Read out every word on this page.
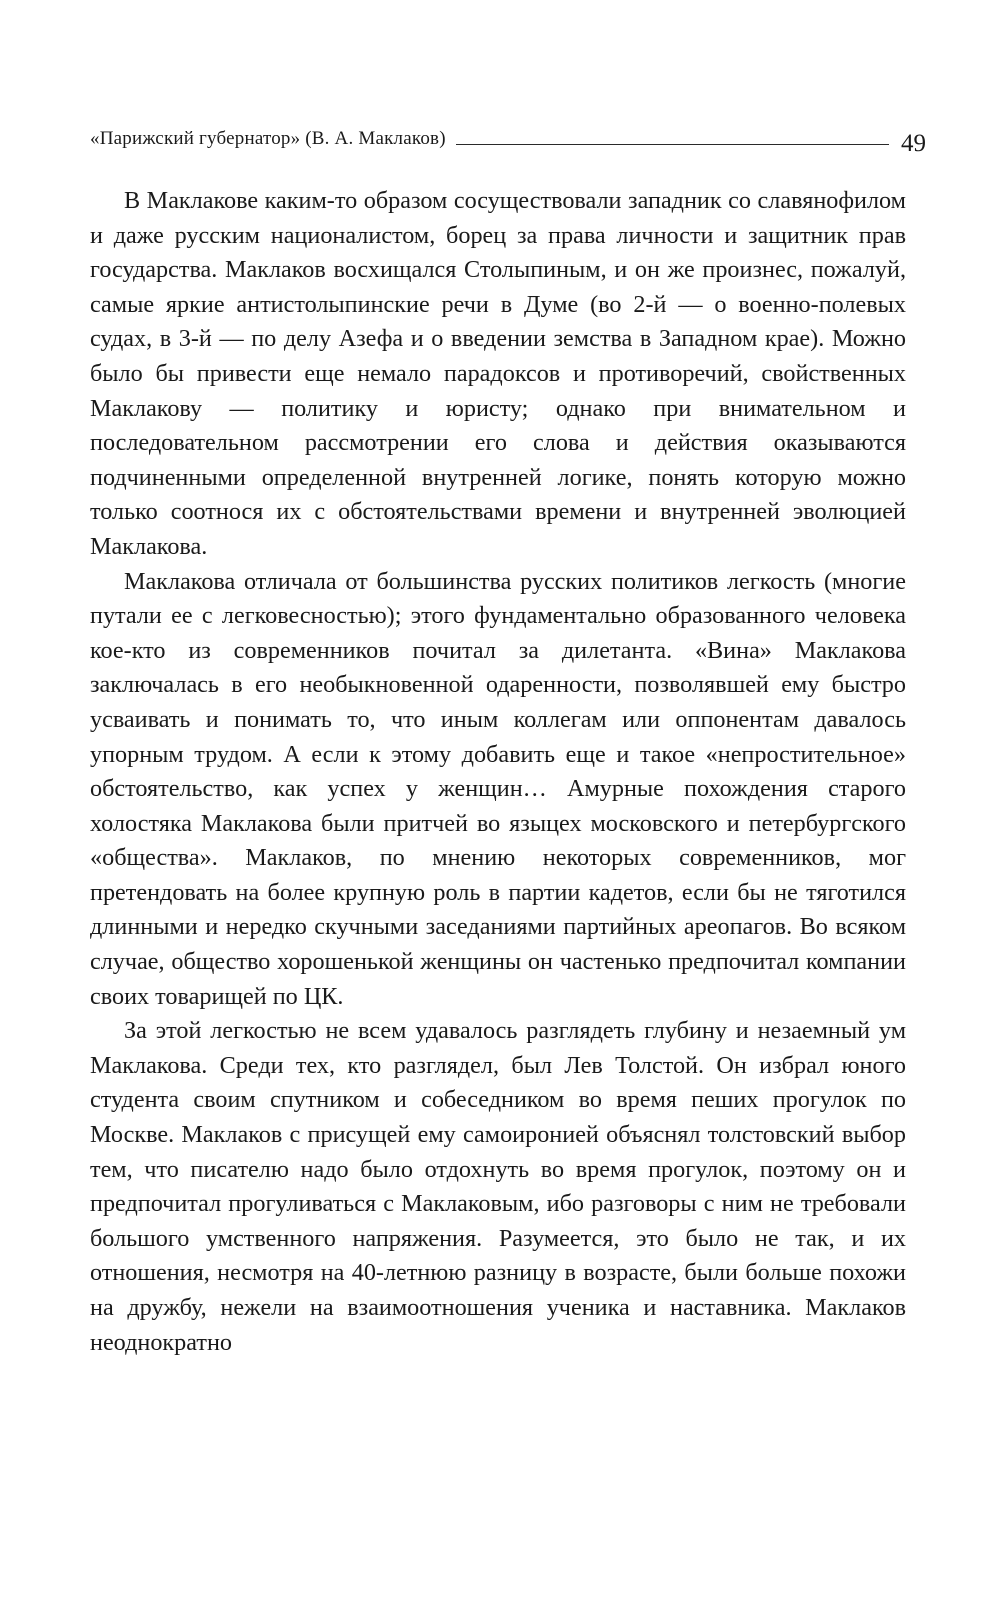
«Парижский губернатор» (В. А. Маклаков)	49

В Маклакове каким-то образом сосуществовали западник со славянофилом и даже русским националистом, борец за права личности и защитник прав государства. Маклаков восхищался Столыпиным, и он же произнес, пожалуй, самые яркие антистолыпинские речи в Думе (во 2-й — о военно-полевых судах, в 3-й — по делу Азефа и о введении земства в Западном крае). Можно было бы привести еще немало парадоксов и противоречий, свойственных Маклакову — политику и юристу; однако при внимательном и последовательном рассмотрении его слова и действия оказываются подчиненными определенной внутренней логике, понять которую можно только соотнося их с обстоятельствами времени и внутренней эволюцией Маклакова.

Маклакова отличала от большинства русских политиков легкость (многие путали ее с легковесностью); этого фундаментально образованного человека кое-кто из современников почитал за дилетанта. «Вина» Маклакова заключалась в его необыкновенной одаренности, позволявшей ему быстро усваивать и понимать то, что иным коллегам или оппонентам давалось упорным трудом. А если к этому добавить еще и такое «непростительное» обстоятельство, как успех у женщин… Амурные похождения старого холостяка Маклакова были притчей во языцех московского и петербургского «общества». Маклаков, по мнению некоторых современников, мог претендовать на более крупную роль в партии кадетов, если бы не тяготился длинными и нередко скучными заседаниями партийных ареопагов. Во всяком случае, общество хорошенькой женщины он частенько предпочитал компании своих товарищей по ЦК.

За этой легкостью не всем удавалось разглядеть глубину и незаемный ум Маклакова. Среди тех, кто разглядел, был Лев Толстой. Он избрал юного студента своим спутником и собеседником во время пеших прогулок по Москве. Маклаков с присущей ему самоиронией объяснял толстовский выбор тем, что писателю надо было отдохнуть во время прогулок, поэтому он и предпочитал прогуливаться с Маклаковым, ибо разговоры с ним не требовали большого умственного напряжения. Разумеется, это было не так, и их отношения, несмотря на 40-летнюю разницу в возрасте, были больше похожи на дружбу, нежели на взаимоотношения ученика и наставника. Маклаков неоднократно
